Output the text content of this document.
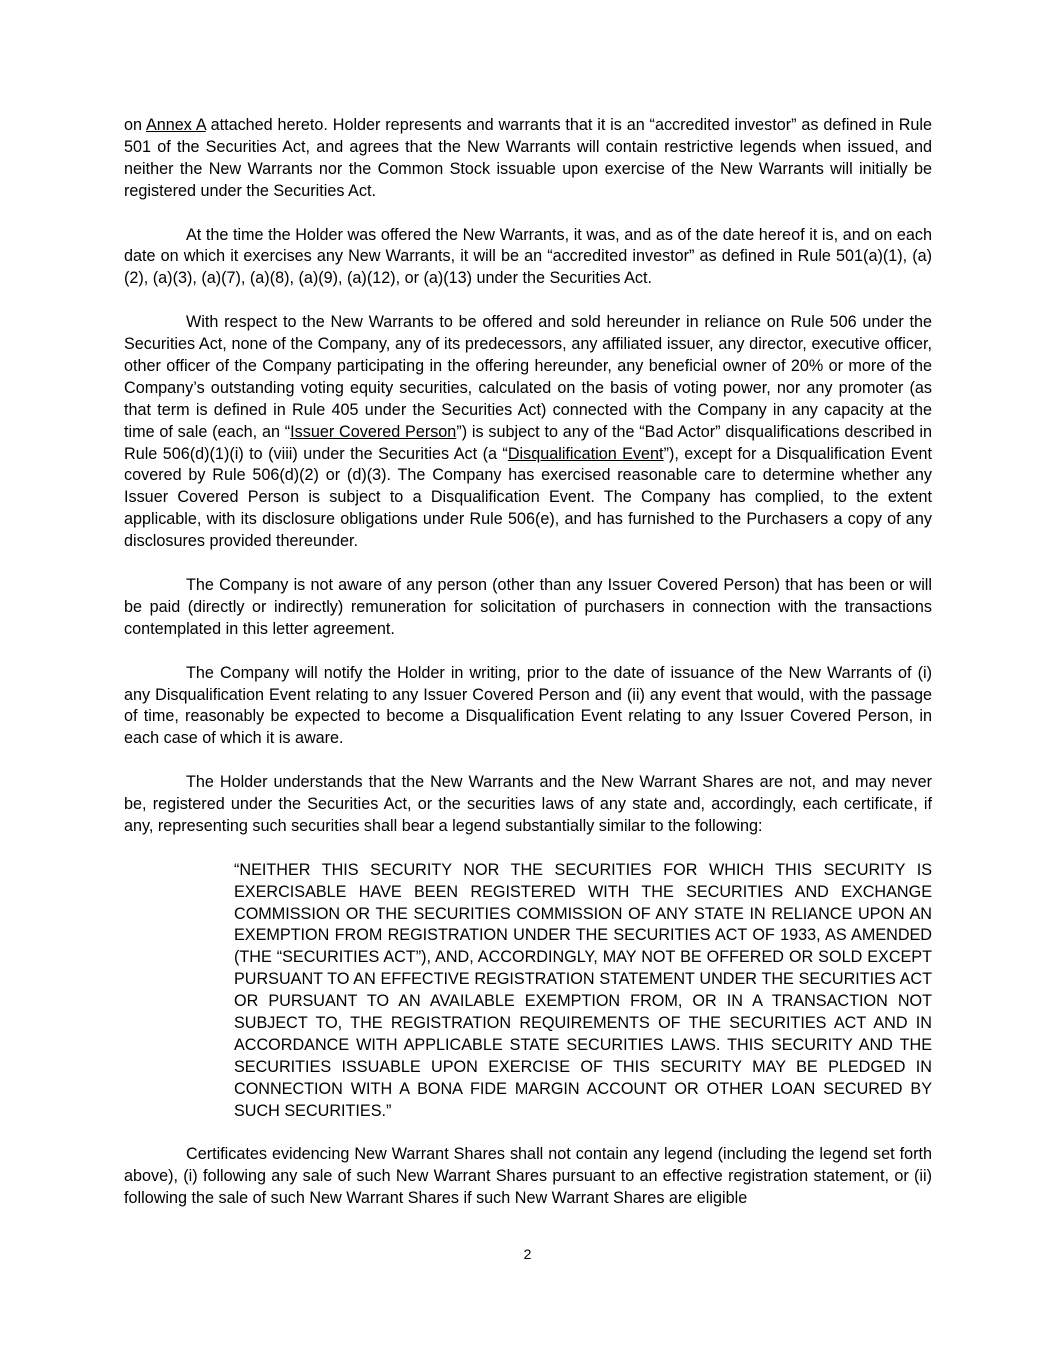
on Annex A attached hereto. Holder represents and warrants that it is an “accredited investor” as defined in Rule 501 of the Securities Act, and agrees that the New Warrants will contain restrictive legends when issued, and neither the New Warrants nor the Common Stock issuable upon exercise of the New Warrants will initially be registered under the Securities Act.

At the time the Holder was offered the New Warrants, it was, and as of the date hereof it is, and on each date on which it exercises any New Warrants, it will be an “accredited investor” as defined in Rule 501(a)(1), (a)(2), (a)(3), (a)(7), (a)(8), (a)(9), (a)(12), or (a)(13) under the Securities Act.

With respect to the New Warrants to be offered and sold hereunder in reliance on Rule 506 under the Securities Act, none of the Company, any of its predecessors, any affiliated issuer, any director, executive officer, other officer of the Company participating in the offering hereunder, any beneficial owner of 20% or more of the Company’s outstanding voting equity securities, calculated on the basis of voting power, nor any promoter (as that term is defined in Rule 405 under the Securities Act) connected with the Company in any capacity at the time of sale (each, an “Issuer Covered Person”) is subject to any of the “Bad Actor” disqualifications described in Rule 506(d)(1)(i) to (viii) under the Securities Act (a “Disqualification Event”), except for a Disqualification Event covered by Rule 506(d)(2) or (d)(3). The Company has exercised reasonable care to determine whether any Issuer Covered Person is subject to a Disqualification Event. The Company has complied, to the extent applicable, with its disclosure obligations under Rule 506(e), and has furnished to the Purchasers a copy of any disclosures provided thereunder.

The Company is not aware of any person (other than any Issuer Covered Person) that has been or will be paid (directly or indirectly) remuneration for solicitation of purchasers in connection with the transactions contemplated in this letter agreement.

The Company will notify the Holder in writing, prior to the date of issuance of the New Warrants of (i) any Disqualification Event relating to any Issuer Covered Person and (ii) any event that would, with the passage of time, reasonably be expected to become a Disqualification Event relating to any Issuer Covered Person, in each case of which it is aware.

The Holder understands that the New Warrants and the New Warrant Shares are not, and may never be, registered under the Securities Act, or the securities laws of any state and, accordingly, each certificate, if any, representing such securities shall bear a legend substantially similar to the following:

“NEITHER THIS SECURITY NOR THE SECURITIES FOR WHICH THIS SECURITY IS EXERCISABLE HAVE BEEN REGISTERED WITH THE SECURITIES AND EXCHANGE COMMISSION OR THE SECURITIES COMMISSION OF ANY STATE IN RELIANCE UPON AN EXEMPTION FROM REGISTRATION UNDER THE SECURITIES ACT OF 1933, AS AMENDED (THE “SECURITIES ACT”), AND, ACCORDINGLY, MAY NOT BE OFFERED OR SOLD EXCEPT PURSUANT TO AN EFFECTIVE REGISTRATION STATEMENT UNDER THE SECURITIES ACT OR PURSUANT TO AN AVAILABLE EXEMPTION FROM, OR IN A TRANSACTION NOT SUBJECT TO, THE REGISTRATION REQUIREMENTS OF THE SECURITIES ACT AND IN ACCORDANCE WITH APPLICABLE STATE SECURITIES LAWS. THIS SECURITY AND THE SECURITIES ISSUABLE UPON EXERCISE OF THIS SECURITY MAY BE PLEDGED IN CONNECTION WITH A BONA FIDE MARGIN ACCOUNT OR OTHER LOAN SECURED BY SUCH SECURITIES.”

Certificates evidencing New Warrant Shares shall not contain any legend (including the legend set forth above), (i) following any sale of such New Warrant Shares pursuant to an effective registration statement, or (ii) following the sale of such New Warrant Shares if such New Warrant Shares are eligible

2
